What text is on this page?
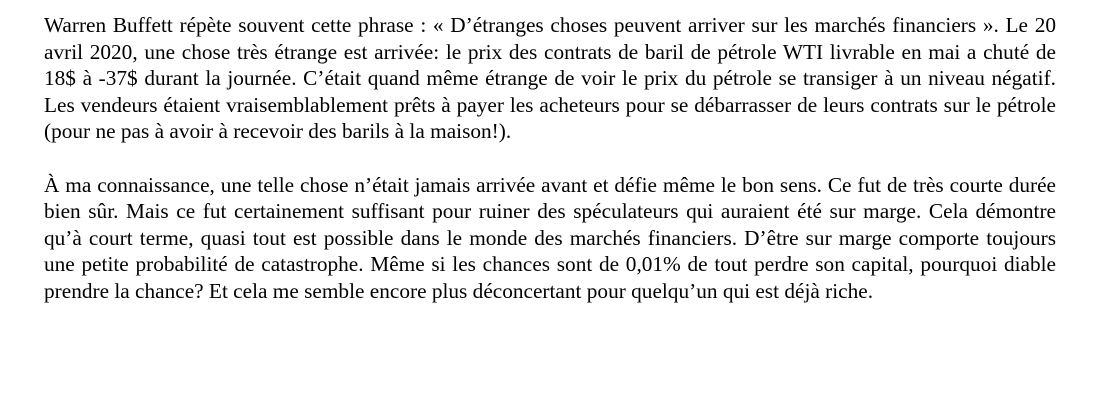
Warren Buffett répète souvent cette phrase : « D’étranges choses peuvent arriver sur les marchés financiers ». Le 20 avril 2020, une chose très étrange est arrivée: le prix des contrats de baril de pétrole WTI livrable en mai a chuté de 18$ à -37$ durant la journée. C’était quand même étrange de voir le prix du pétrole se transiger à un niveau négatif. Les vendeurs étaient vraisemblablement prêts à payer les acheteurs pour se débarrasser de leurs contrats sur le pétrole (pour ne pas à avoir à recevoir des barils à la maison!).

À ma connaissance, une telle chose n’était jamais arrivée avant et défie même le bon sens. Ce fut de très courte durée bien sûr. Mais ce fut certainement suffisant pour ruiner des spéculateurs qui auraient été sur marge. Cela démontre qu’à court terme, quasi tout est possible dans le monde des marchés financiers. D’être sur marge comporte toujours une petite probabilité de catastrophe. Même si les chances sont de 0,01% de tout perdre son capital, pourquoi diable prendre la chance? Et cela me semble encore plus déconcertant pour quelqu’un qui est déjà riche.
